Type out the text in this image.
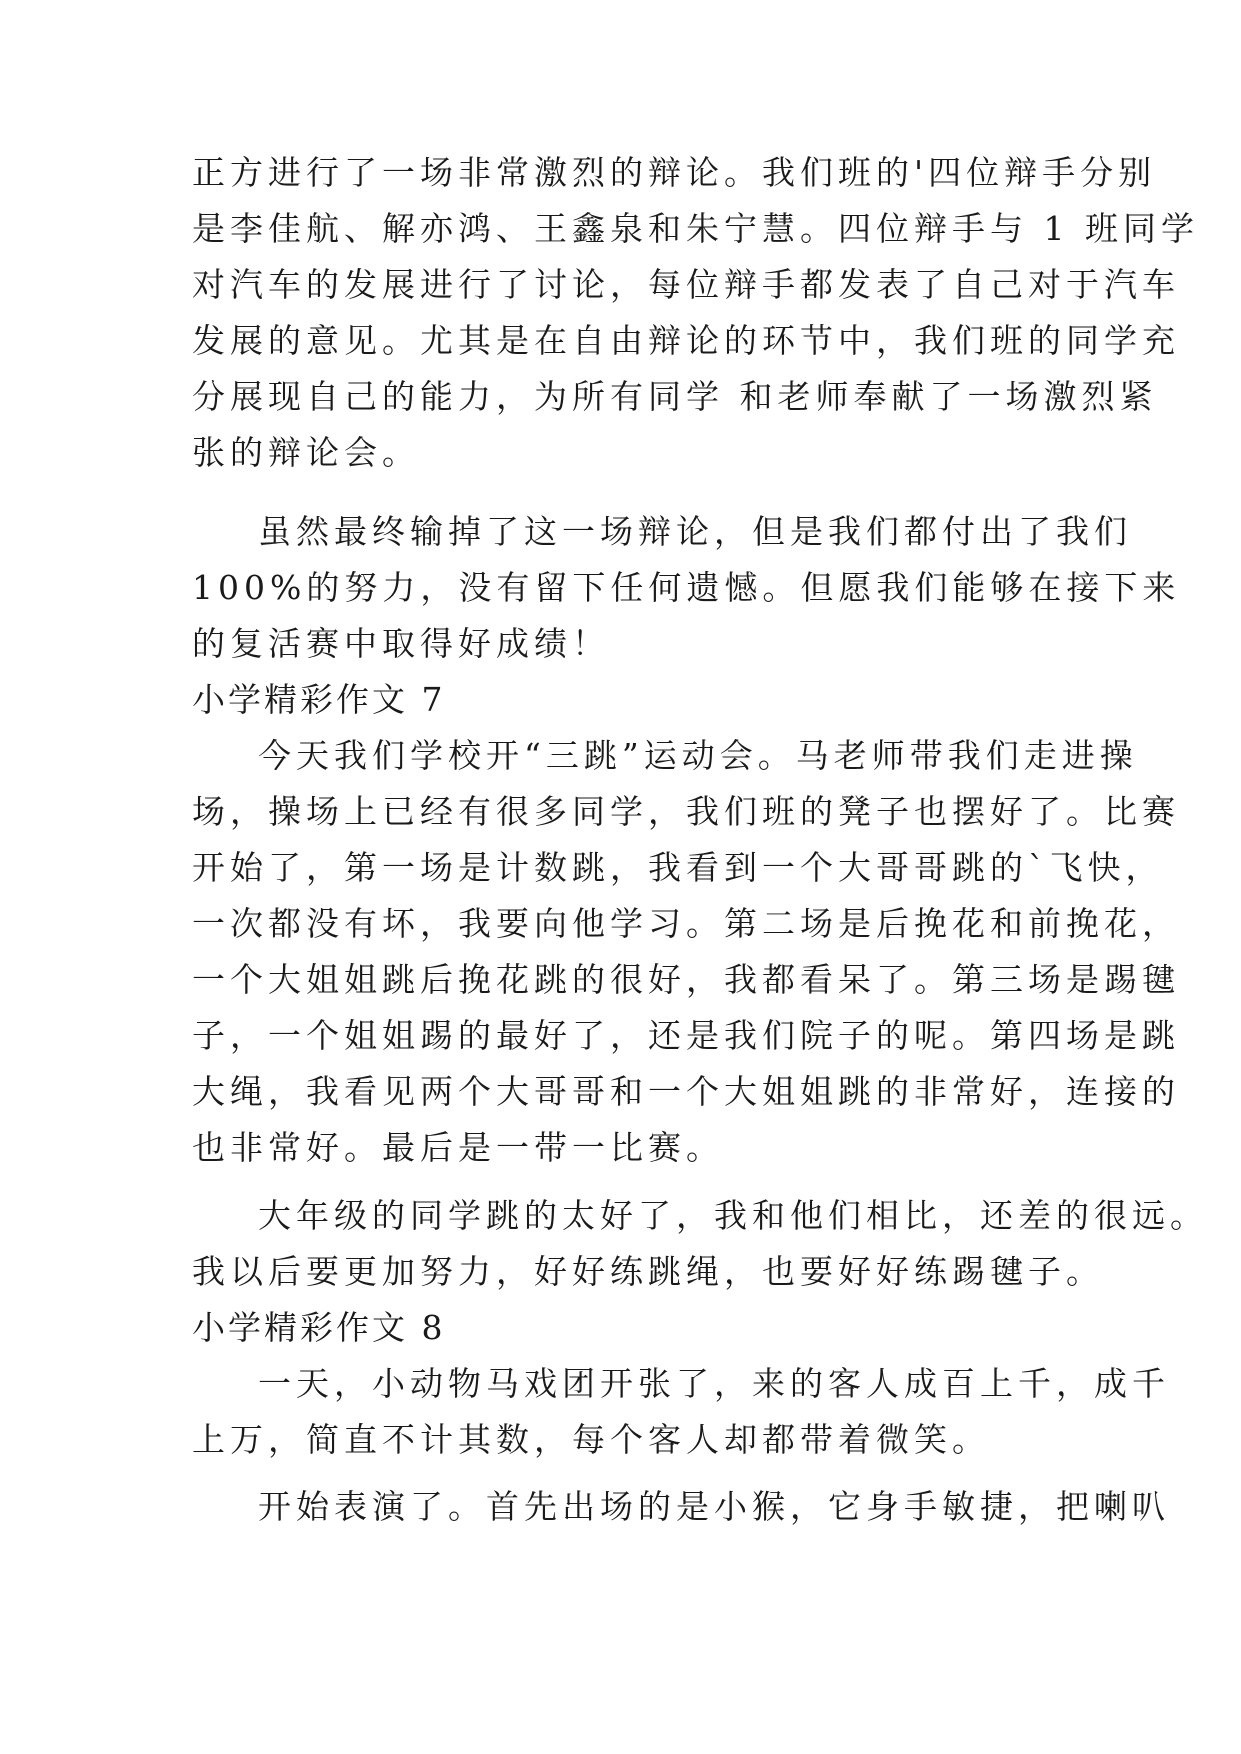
正方进行了一场非常激烈的辩论。我们班的'四位辩手分别
是李佳航、解亦鸿、王鑫泉和朱宁慧。四位辩手与 1 班同学
对汽车的发展进行了讨论，每位辩手都发表了自己对于汽车
发展的意见。尤其是在自由辩论的环节中，我们班的同学充
分展现自己的能力，为所有同学 和老师奉献了一场激烈紧
张的辩论会。
虽然最终输掉了这一场辩论，但是我们都付出了我们
100%的努力，没有留下任何遗憾。但愿我们能够在接下来
的复活赛中取得好成绩！
小学精彩作文 7
今天我们学校开“三跳”运动会。马老师带我们走进操
场，操场上已经有很多同学，我们班的凳子也摆好了。比赛
开始了，第一场是计数跳，我看到一个大哥哥跳的`飞快，
一次都没有坏，我要向他学习。第二场是后挽花和前挽花，
一个大姐姐跳后挽花跳的很好，我都看呆了。第三场是踢毽
子，一个姐姐踢的最好了，还是我们院子的呢。第四场是跳
大绳，我看见两个大哥哥和一个大姐姐跳的非常好，连接的
也非常好。最后是一带一比赛。
大年级的同学跳的太好了，我和他们相比，还差的很远。
我以后要更加努力，好好练跳绳，也要好好练踢毽子。
小学精彩作文 8
一天，小动物马戏团开张了，来的客人成百上千，成千
上万，简直不计其数，每个客人却都带着微笑。
开始表演了。首先出场的是小猴，它身手敏捷，把喇叭
